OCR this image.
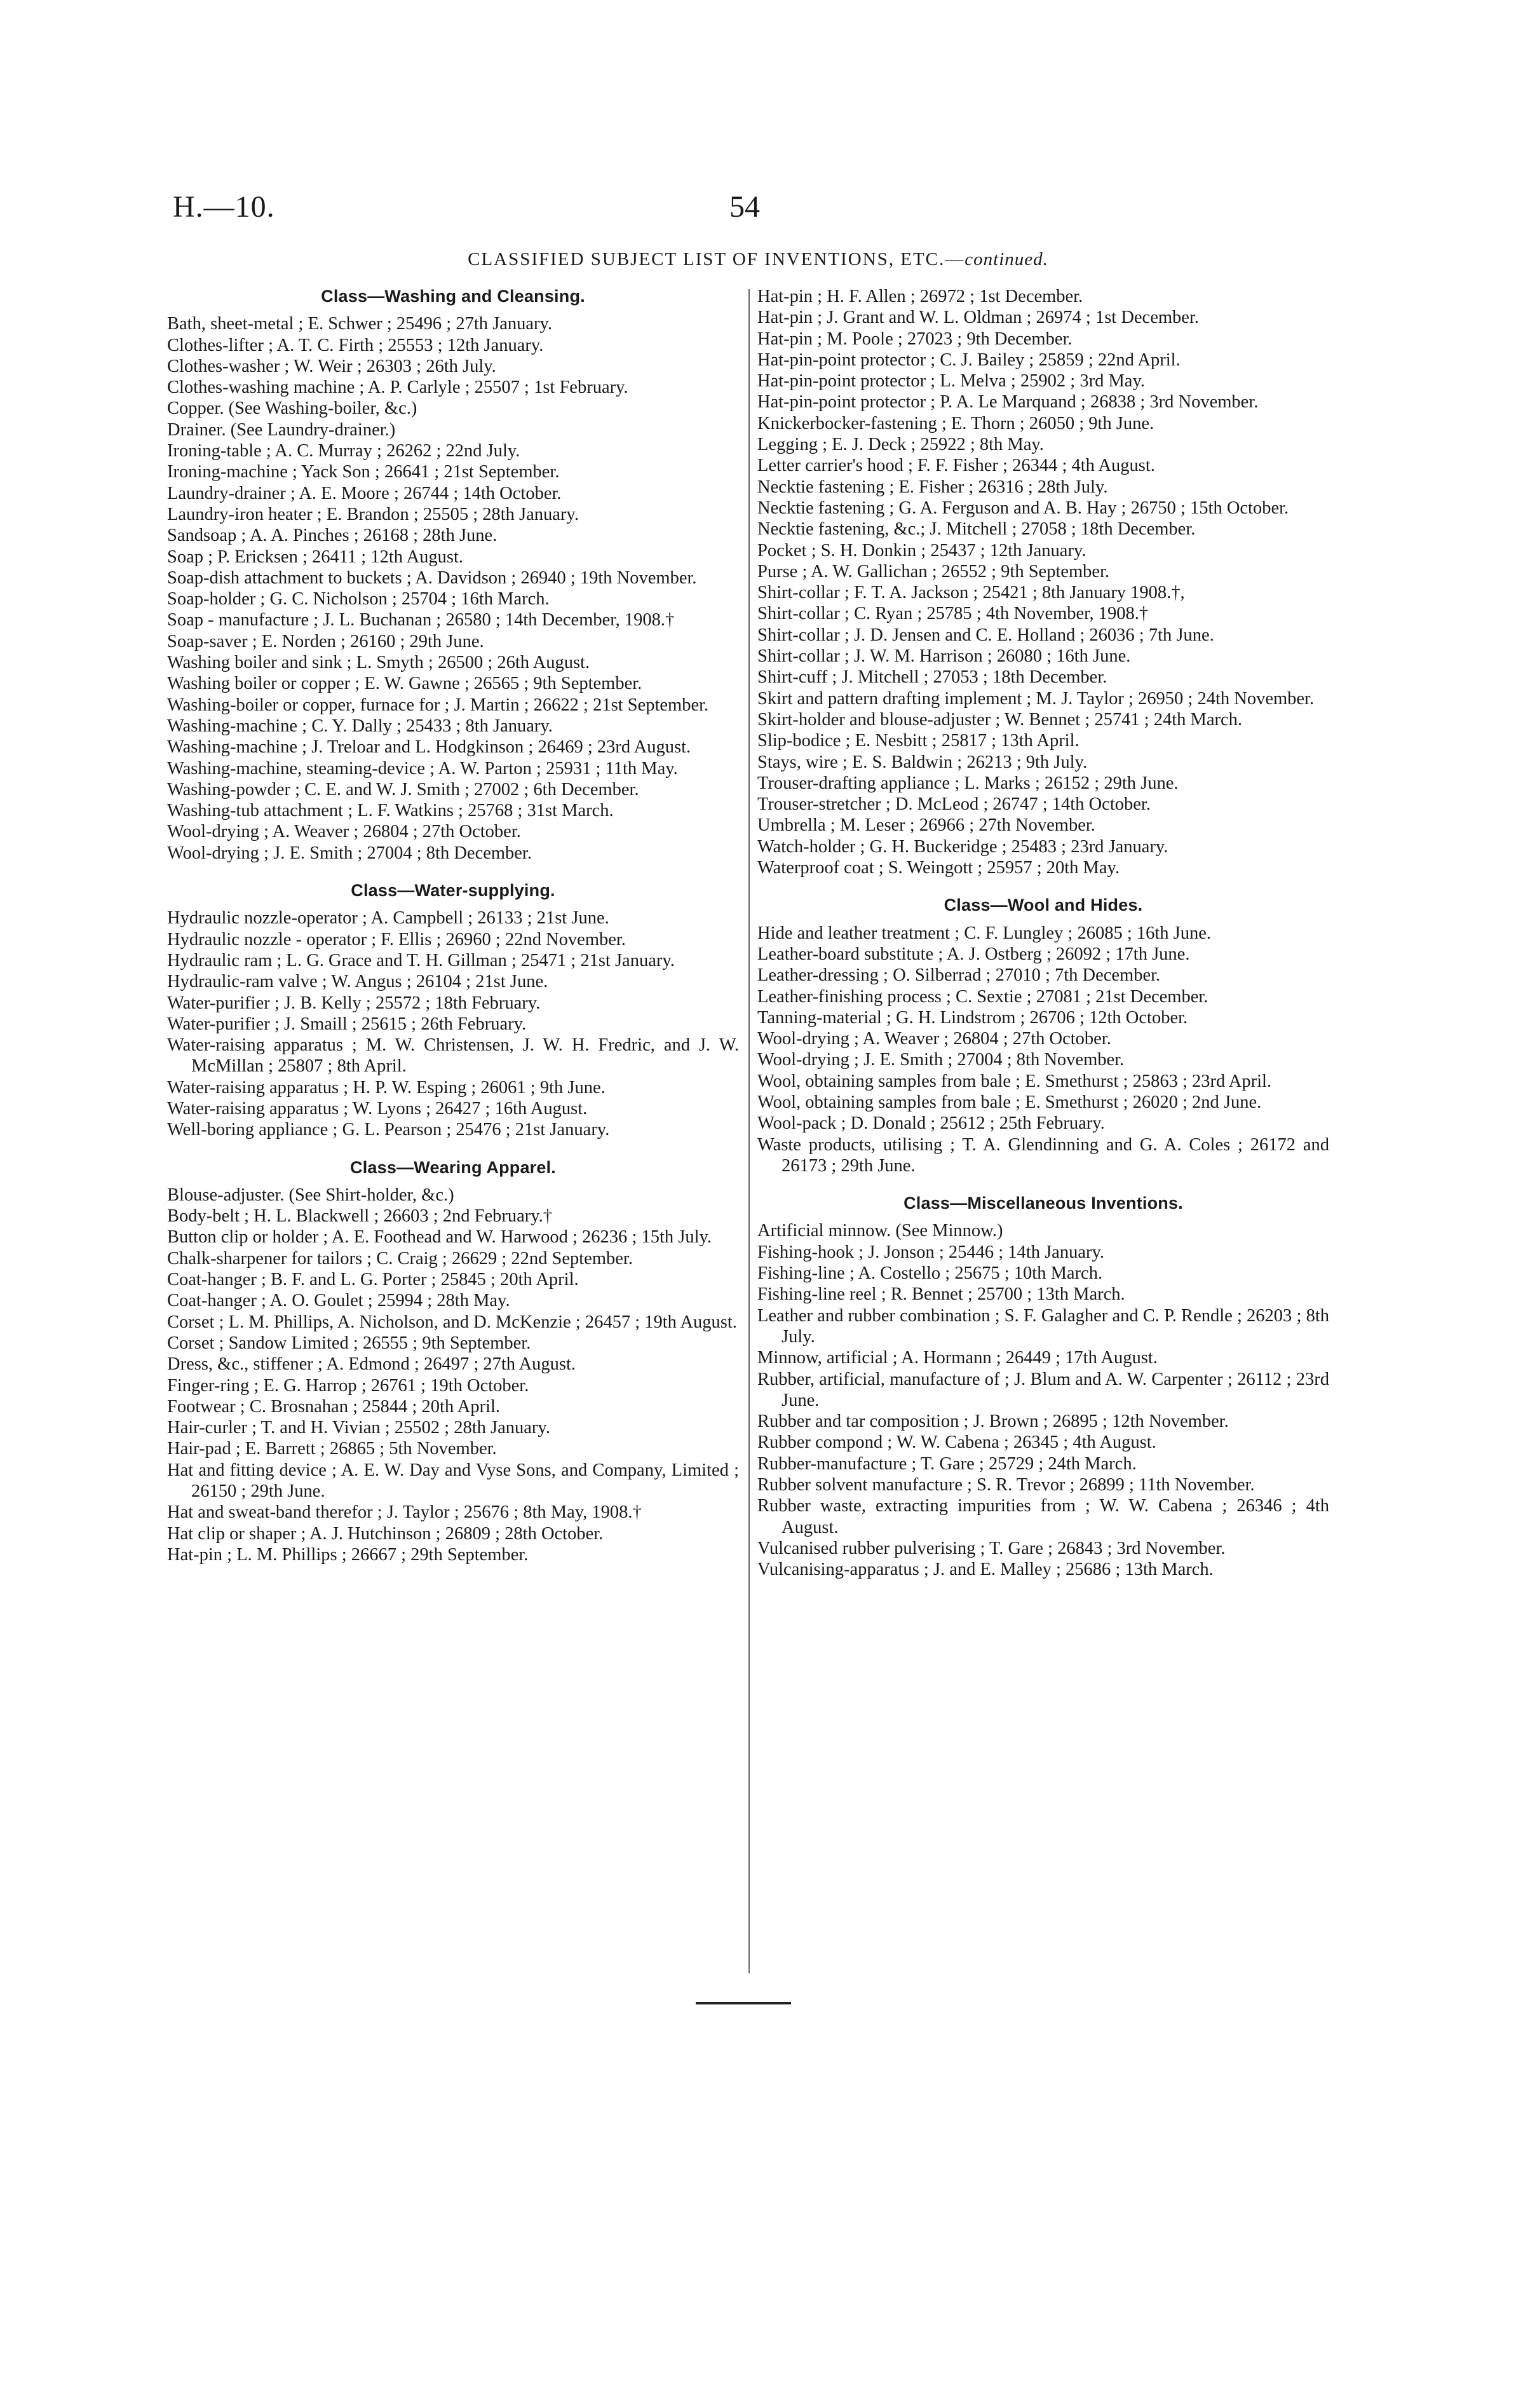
H.—10.	54
CLASSIFIED SUBJECT LIST OF INVENTIONS, ETC.—continued.
Class—Washing and Cleansing.
Bath, sheet-metal ; E. Schwer ; 25496 ; 27th January.
Clothes-lifter ; A. T. C. Firth ; 25553 ; 12th January.
Clothes-washer ; W. Weir ; 26303 ; 26th July.
Clothes-washing machine ; A. P. Carlyle ; 25507 ; 1st February.
Copper. (See Washing-boiler, &c.)
Drainer. (See Laundry-drainer.)
Ironing-table ; A. C. Murray ; 26262 ; 22nd July.
Ironing-machine ; Yack Son ; 26641 ; 21st September.
Laundry-drainer ; A. E. Moore ; 26744 ; 14th October.
Laundry-iron heater ; E. Brandon ; 25505 ; 28th January.
Sandsoap ; A. A. Pinches ; 26168 ; 28th June.
Soap ; P. Ericksen ; 26411 ; 12th August.
Soap-dish attachment to buckets ; A. Davidson ; 26940 ; 19th November.
Soap-holder ; G. C. Nicholson ; 25704 ; 16th March.
Soap - manufacture ; J. L. Buchanan ; 26580 ; 14th December, 1908.†
Soap-saver ; E. Norden ; 26160 ; 29th June.
Washing boiler and sink ; L. Smyth ; 26500 ; 26th August.
Washing boiler or copper ; E. W. Gawne ; 26565 ; 9th September.
Washing-boiler or copper, furnace for ; J. Martin ; 26622 ; 21st September.
Washing-machine ; C. Y. Dally ; 25433 ; 8th January.
Washing-machine ; J. Treloar and L. Hodgkinson ; 26469 ; 23rd August.
Washing-machine, steaming-device ; A. W. Parton ; 25931 ; 11th May.
Washing-powder ; C. E. and W. J. Smith ; 27002 ; 6th December.
Washing-tub attachment ; L. F. Watkins ; 25768 ; 31st March.
Wool-drying ; A. Weaver ; 26804 ; 27th October.
Wool-drying ; J. E. Smith ; 27004 ; 8th December.
Class—Water-supplying.
Hydraulic nozzle-operator ; A. Campbell ; 26133 ; 21st June.
Hydraulic nozzle - operator ; F. Ellis ; 26960 ; 22nd November.
Hydraulic ram ; L. G. Grace and T. H. Gillman ; 25471 ; 21st January.
Hydraulic-ram valve ; W. Angus ; 26104 ; 21st June.
Water-purifier ; J. B. Kelly ; 25572 ; 18th February.
Water-purifier ; J. Smaill ; 25615 ; 26th February.
Water-raising apparatus ; M. W. Christensen, J. W. H. Fredric, and J. W. McMillan ; 25807 ; 8th April.
Water-raising apparatus ; H. P. W. Esping ; 26061 ; 9th June.
Water-raising apparatus ; W. Lyons ; 26427 ; 16th August.
Well-boring appliance ; G. L. Pearson ; 25476 ; 21st January.
Class—Wearing Apparel.
Blouse-adjuster. (See Shirt-holder, &c.)
Body-belt ; H. L. Blackwell ; 26603 ; 2nd February.†
Button clip or holder ; A. E. Foothead and W. Harwood ; 26236 ; 15th July.
Chalk-sharpener for tailors ; C. Craig ; 26629 ; 22nd September.
Coat-hanger ; B. F. and L. G. Porter ; 25845 ; 20th April.
Coat-hanger ; A. O. Goulet ; 25994 ; 28th May.
Corset ; L. M. Phillips, A. Nicholson, and D. McKenzie ; 26457 ; 19th August.
Corset ; Sandow Limited ; 26555 ; 9th September.
Dress, &c., stiffener ; A. Edmond ; 26497 ; 27th August.
Finger-ring ; E. G. Harrop ; 26761 ; 19th October.
Footwear ; C. Brosnahan ; 25844 ; 20th April.
Hair-curler ; T. and H. Vivian ; 25502 ; 28th January.
Hair-pad ; E. Barrett ; 26865 ; 5th November.
Hat and fitting device ; A. E. W. Day and Vyse Sons, and Company, Limited ; 26150 ; 29th June.
Hat and sweat-band therefor ; J. Taylor ; 25676 ; 8th May, 1908.†
Hat clip or shaper ; A. J. Hutchinson ; 26809 ; 28th October.
Hat-pin ; L. M. Phillips ; 26667 ; 29th September.
Hat-pin ; H. F. Allen ; 26972 ; 1st December.
Hat-pin ; J. Grant and W. L. Oldman ; 26974 ; 1st December.
Hat-pin ; M. Poole ; 27023 ; 9th December.
Hat-pin-point protector ; C. J. Bailey ; 25859 ; 22nd April.
Hat-pin-point protector ; L. Melva ; 25902 ; 3rd May.
Hat-pin-point protector ; P. A. Le Marquand ; 26838 ; 3rd November.
Knickerbocker-fastening ; E. Thorn ; 26050 ; 9th June.
Legging ; E. J. Deck ; 25922 ; 8th May.
Letter carrier's hood ; F. F. Fisher ; 26344 ; 4th August.
Necktie fastening ; E. Fisher ; 26316 ; 28th July.
Necktie fastening ; G. A. Ferguson and A. B. Hay ; 26750 ; 15th October.
Necktie fastening, &c.; J. Mitchell ; 27058 ; 18th December.
Pocket ; S. H. Donkin ; 25437 ; 12th January.
Purse ; A. W. Gallichan ; 26552 ; 9th September.
Shirt-collar ; F. T. A. Jackson ; 25421 ; 8th January 1908.†,
Shirt-collar ; C. Ryan ; 25785 ; 4th November, 1908.†
Shirt-collar ; J. D. Jensen and C. E. Holland ; 26036 ; 7th June.
Shirt-collar ; J. W. M. Harrison ; 26080 ; 16th June.
Shirt-cuff ; J. Mitchell ; 27053 ; 18th December.
Skirt and pattern drafting implement ; M. J. Taylor ; 26950 ; 24th November.
Skirt-holder and blouse-adjuster ; W. Bennet ; 25741 ; 24th March.
Slip-bodice ; E. Nesbitt ; 25817 ; 13th April.
Stays, wire ; E. S. Baldwin ; 26213 ; 9th July.
Trouser-drafting appliance ; L. Marks ; 26152 ; 29th June.
Trouser-stretcher ; D. McLeod ; 26747 ; 14th October.
Umbrella ; M. Leser ; 26966 ; 27th November.
Watch-holder ; G. H. Buckeridge ; 25483 ; 23rd January.
Waterproof coat ; S. Weingott ; 25957 ; 20th May.
Class—Wool and Hides.
Hide and leather treatment ; C. F. Lungley ; 26085 ; 16th June.
Leather-board substitute ; A. J. Ostberg ; 26092 ; 17th June.
Leather-dressing ; O. Silberrad ; 27010 ; 7th December.
Leather-finishing process ; C. Sextie ; 27081 ; 21st December.
Tanning-material ; G. H. Lindstrom ; 26706 ; 12th October.
Wool-drying ; A. Weaver ; 26804 ; 27th October.
Wool-drying ; J. E. Smith ; 27004 ; 8th November.
Wool, obtaining samples from bale ; E. Smethurst ; 25863 ; 23rd April.
Wool, obtaining samples from bale ; E. Smethurst ; 26020 ; 2nd June.
Wool-pack ; D. Donald ; 25612 ; 25th February.
Waste products, utilising ; T. A. Glendinning and G. A. Coles ; 26172 and 26173 ; 29th June.
Class—Miscellaneous Inventions.
Artificial minnow. (See Minnow.)
Fishing-hook ; J. Jonson ; 25446 ; 14th January.
Fishing-line ; A. Costello ; 25675 ; 10th March.
Fishing-line reel ; R. Bennet ; 25700 ; 13th March.
Leather and rubber combination ; S. F. Galagher and C. P. Rendle ; 26203 ; 8th July.
Minnow, artificial ; A. Hormann ; 26449 ; 17th August.
Rubber, artificial, manufacture of ; J. Blum and A. W. Carpenter ; 26112 ; 23rd June.
Rubber and tar composition ; J. Brown ; 26895 ; 12th November.
Rubber compond ; W. W. Cabena ; 26345 ; 4th August.
Rubber-manufacture ; T. Gare ; 25729 ; 24th March.
Rubber solvent manufacture ; S. R. Trevor ; 26899 ; 11th November.
Rubber waste, extracting impurities from ; W. W. Cabena ; 26346 ; 4th August.
Vulcanised rubber pulverising ; T. Gare ; 26843 ; 3rd November.
Vulcanising-apparatus ; J. and E. Malley ; 25686 ; 13th March.
